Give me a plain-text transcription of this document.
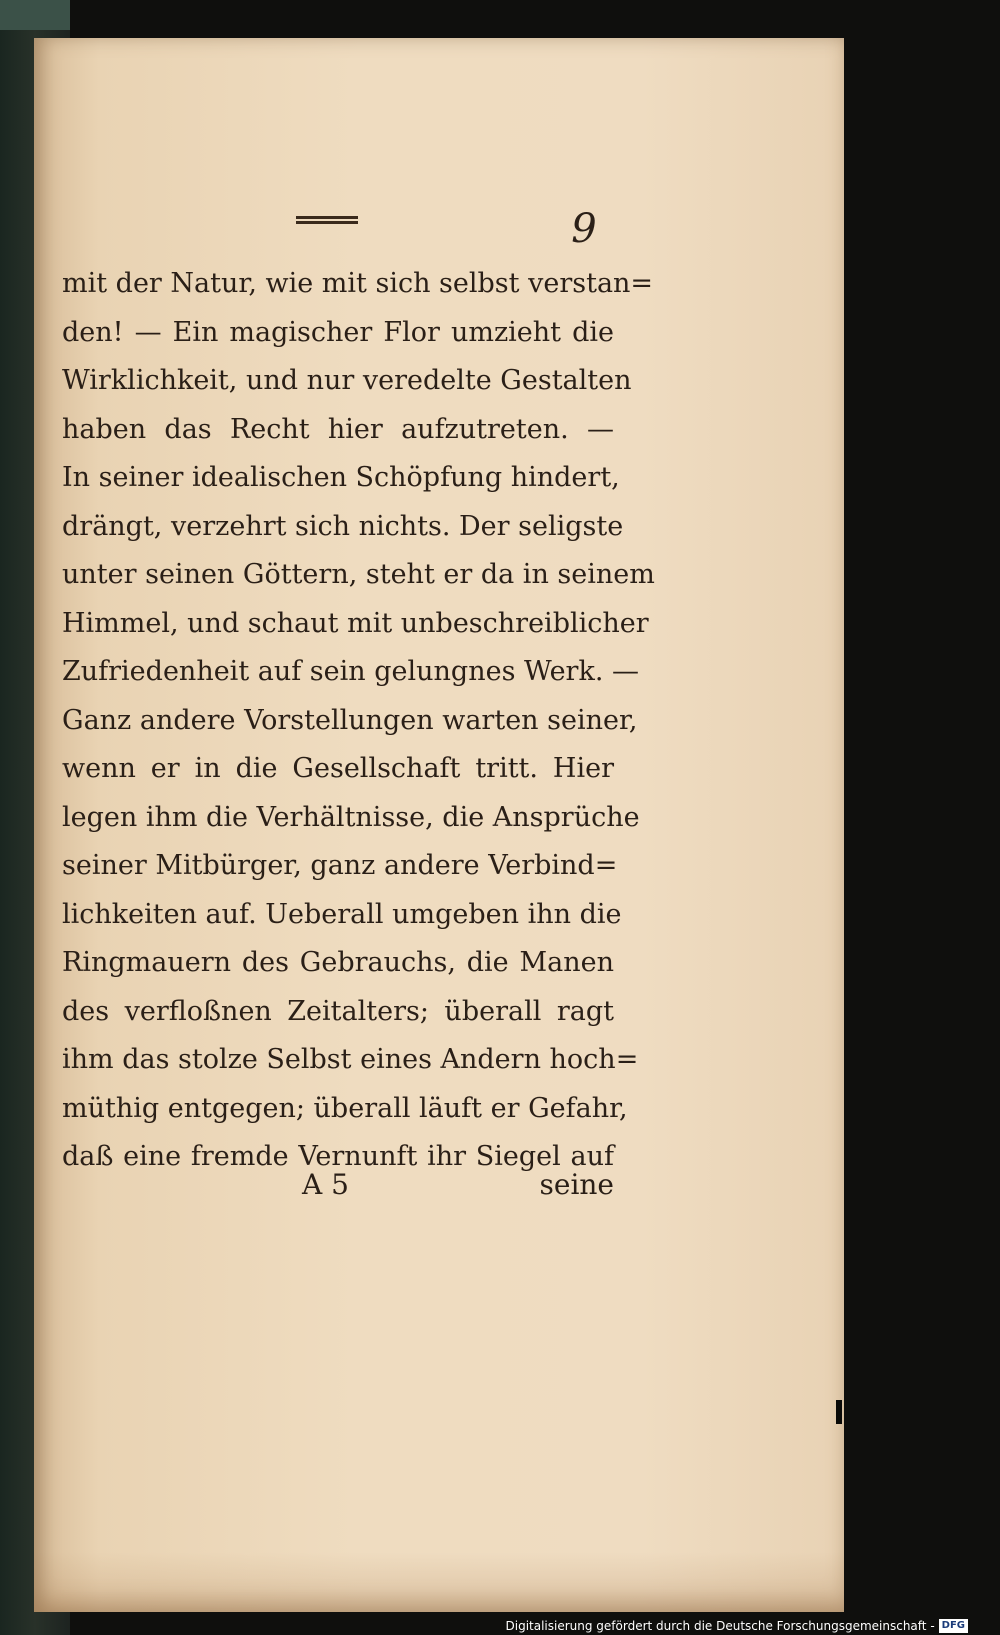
9
mit der Natur, wie mit sich selbst verstan=
den! — Ein magischer Flor umzieht die
Wirklichkeit, und nur veredelte Gestalten
haben das Recht hier aufzutreten. —
In seiner idealischen Schöpfung hindert,
drängt, verzehrt sich nichts. Der seligste
unter seinen Göttern, steht er da in seinem
Himmel, und schaut mit unbeschreiblicher
Zufriedenheit auf sein gelungnes Werk. —
Ganz andere Vorstellungen warten seiner,
wenn er in die Gesellschaft tritt. Hier
legen ihm die Verhältnisse, die Ansprüche
seiner Mitbürger, ganz andere Verbind=
lichkeiten auf. Ueberall umgeben ihn die
Ringmauern des Gebrauchs, die Manen
des verfloßnen Zeitalters; überall ragt
ihm das stolze Selbst eines Andern hoch=
müthig entgegen; überall läuft er Gefahr,
daß eine fremde Vernunft ihr Siegel auf
A 5	seine
Digitalisierung gefördert durch die Deutsche Forschungsgemeinschaft - DFG
